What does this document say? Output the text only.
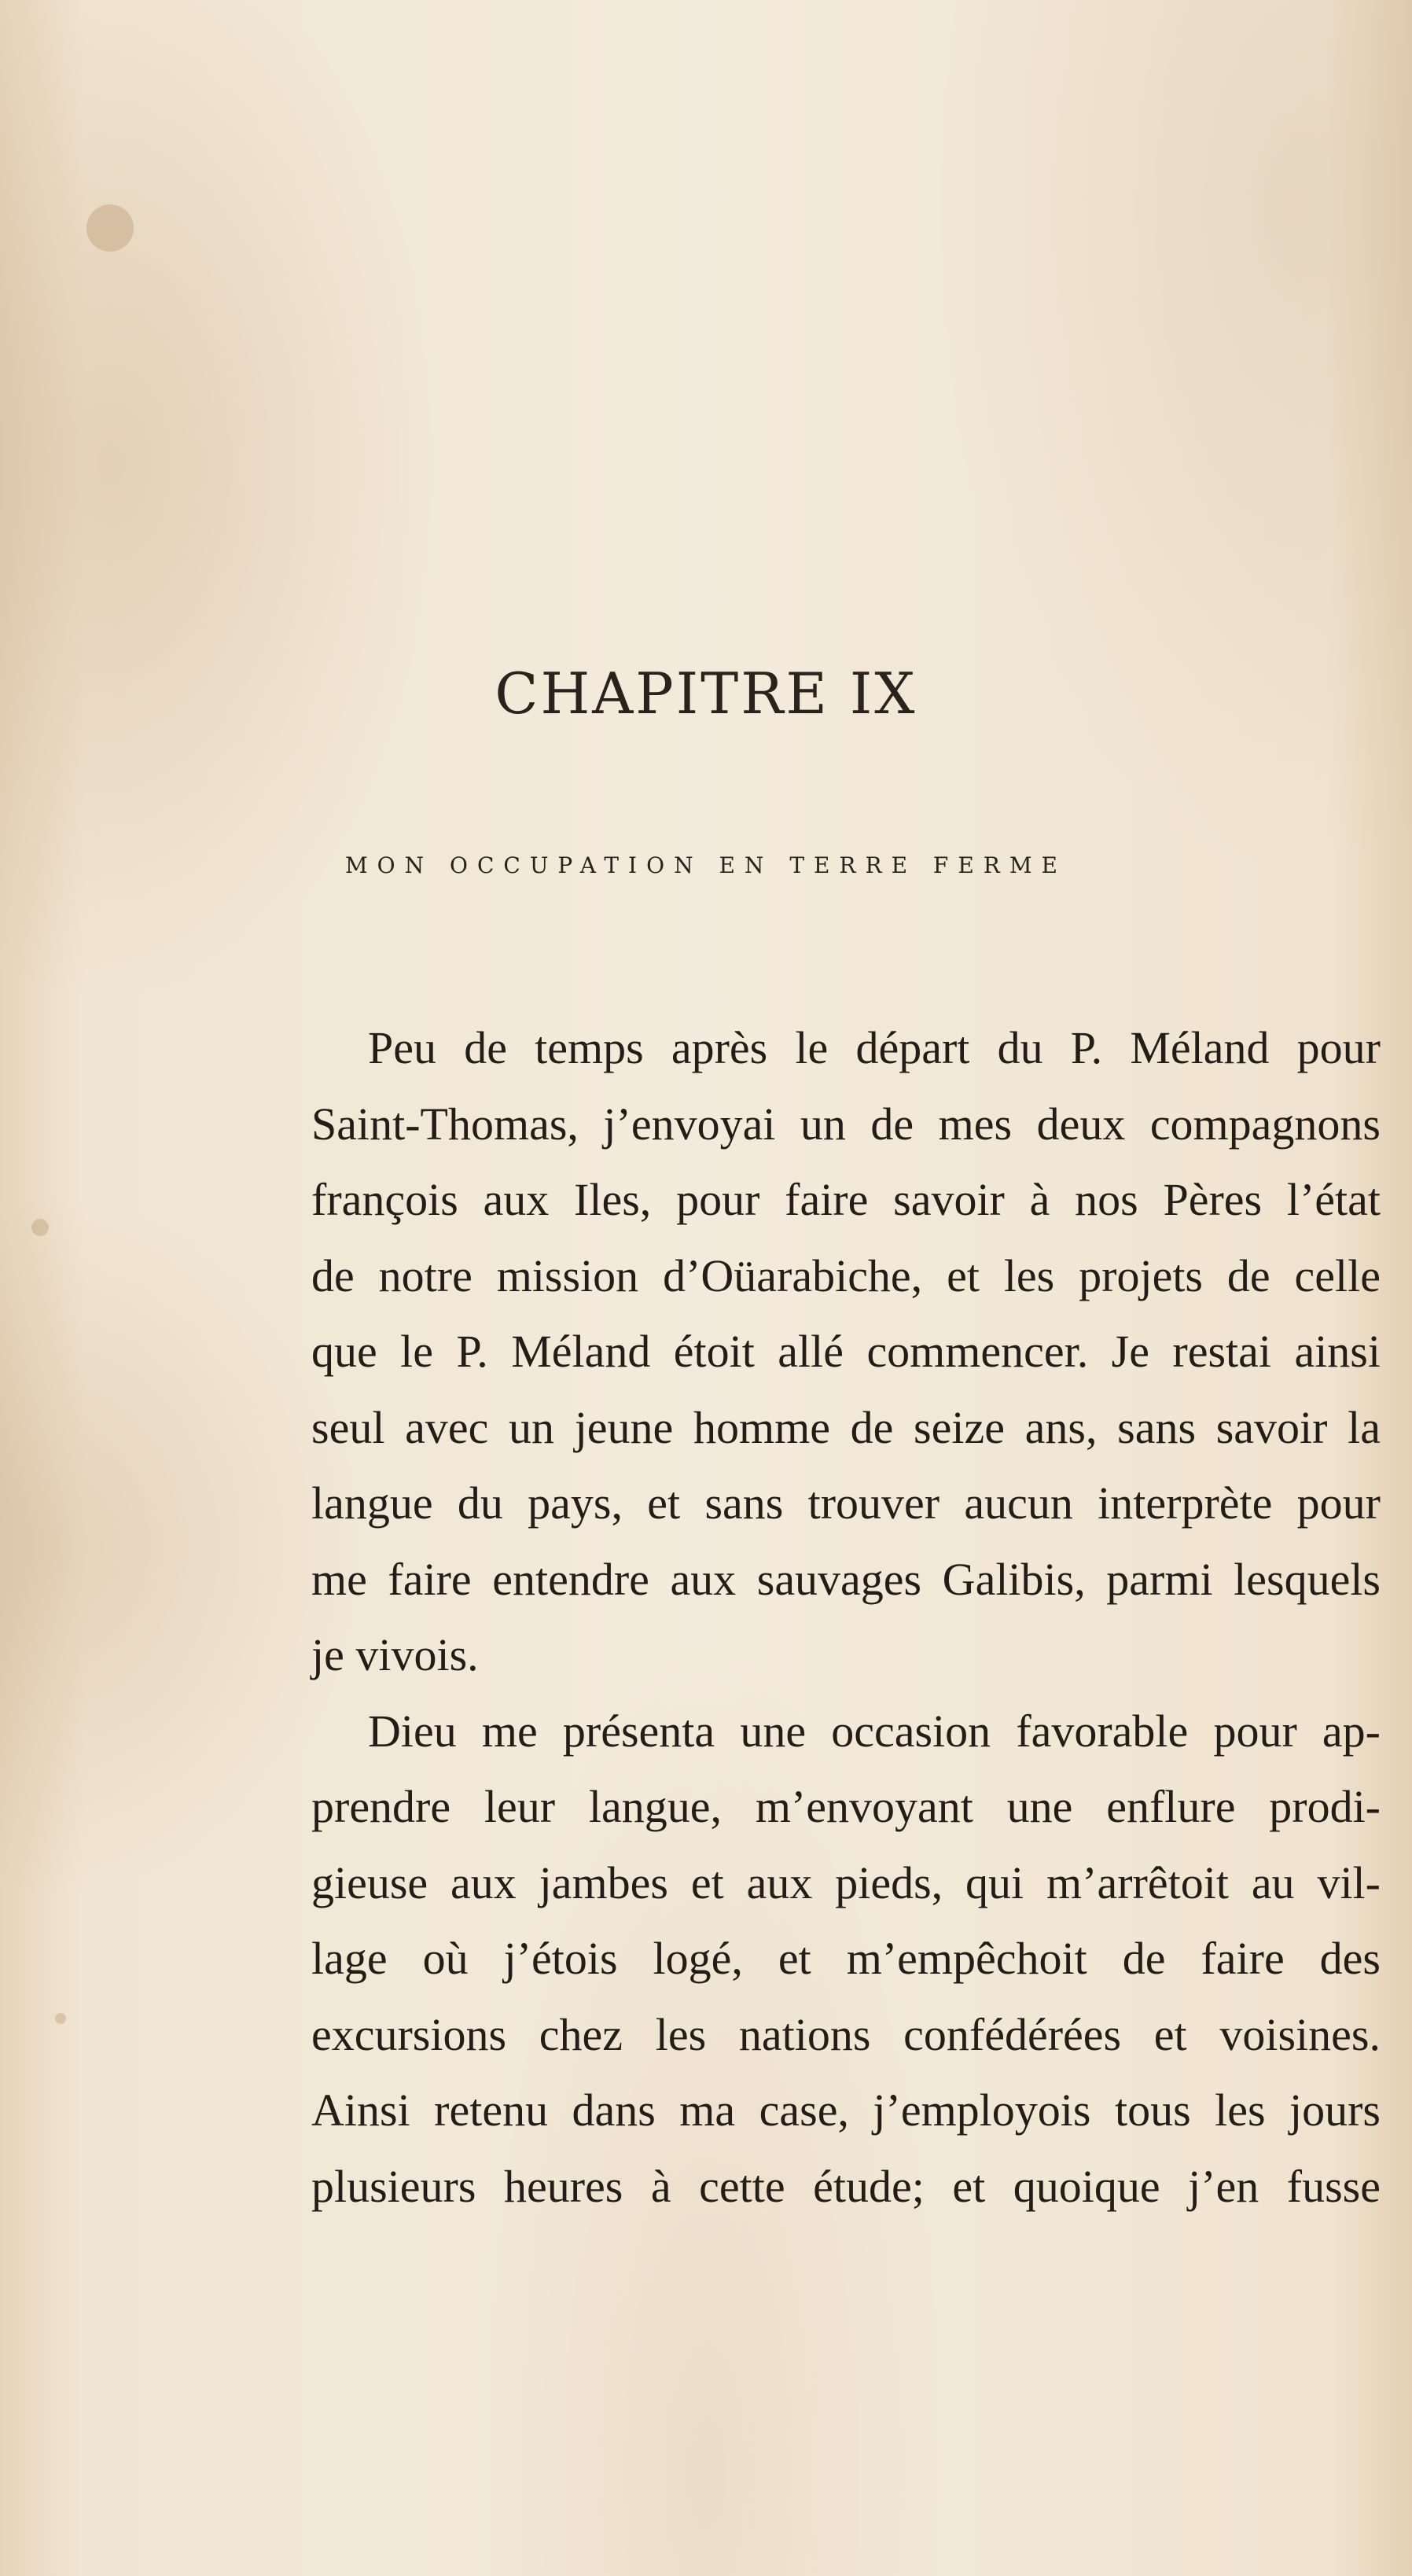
CHAPITRE IX
MON OCCUPATION EN TERRE FERME
Peu de temps après le départ du P. Méland pour
Saint-Thomas, j’envoyai un de mes deux compagnons
françois aux Iles, pour faire savoir à nos Pères l’état
de notre mission d’Oüarabiche, et les projets de celle
que le P. Méland étoit allé commencer. Je restai ainsi
seul avec un jeune homme de seize ans, sans savoir la
langue du pays, et sans trouver aucun interprète pour
me faire entendre aux sauvages Galibis, parmi lesquels
je vivois.
Dieu me présenta une occasion favorable pour ap-
prendre leur langue, m’envoyant une enflure prodi-
gieuse aux jambes et aux pieds, qui m’arrêtoit au vil-
lage où j’étois logé, et m’empêchoit de faire des
excursions chez les nations confédérées et voisines.
Ainsi retenu dans ma case, j’employois tous les jours
plusieurs heures à cette étude; et quoique j’en fusse
